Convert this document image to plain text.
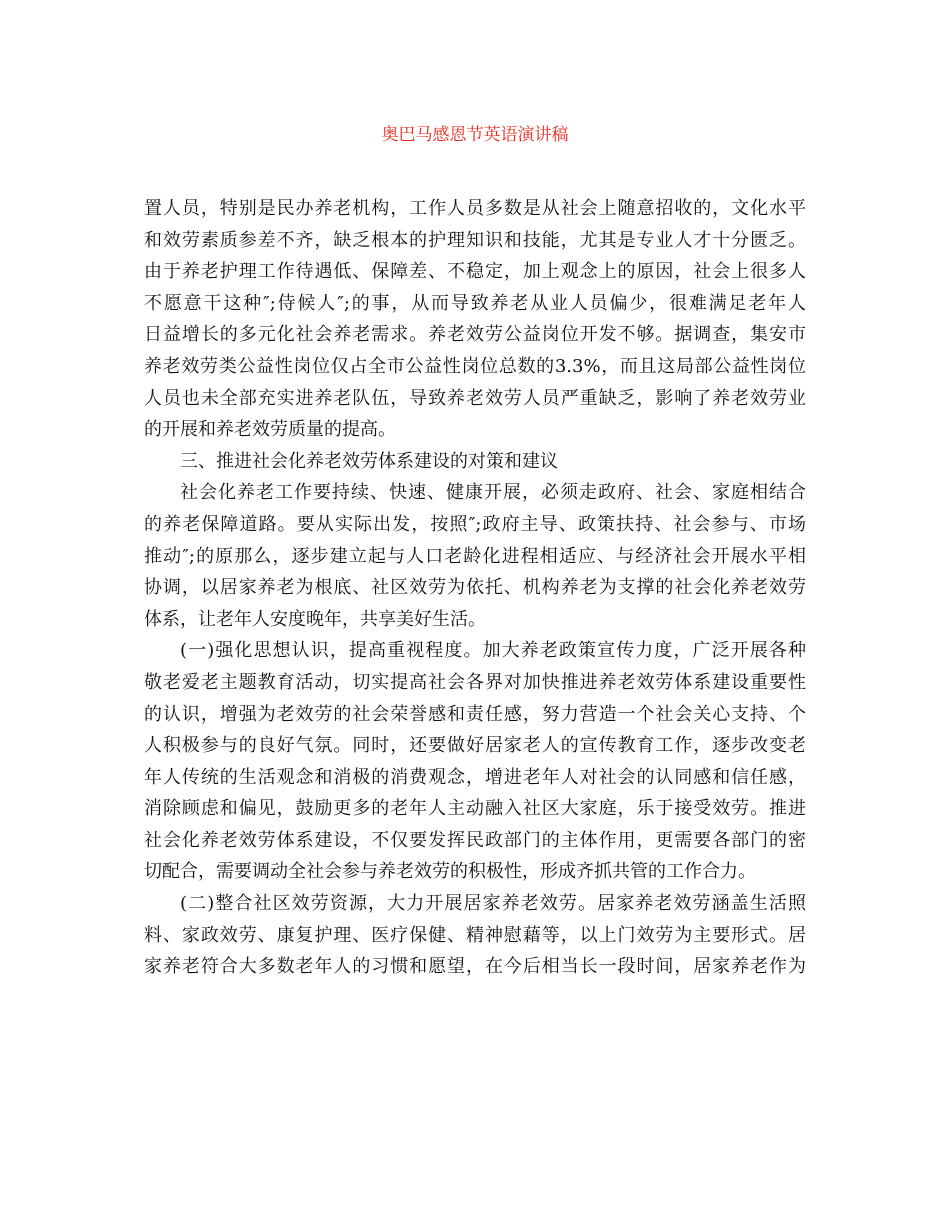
奥巴马感恩节英语演讲稿
置人员，特别是民办养老机构，工作人员多数是从社会上随意招收的，文化水平
和效劳素质参差不齐，缺乏根本的护理知识和技能，尤其是专业人才十分匮乏。
由于养老护理工作待遇低、保障差、不稳定，加上观念上的原因，社会上很多人
不愿意干这种″;侍候人″;的事，从而导致养老从业人员偏少，很难满足老年人
日益增长的多元化社会养老需求。养老效劳公益岗位开发不够。据调查，集安市
养老效劳类公益性岗位仅占全市公益性岗位总数的3.3%，而且这局部公益性岗位
人员也未全部充实进养老队伍，导致养老效劳人员严重缺乏，影响了养老效劳业
的开展和养老效劳质量的提高。
三、推进社会化养老效劳体系建设的对策和建议
社会化养老工作要持续、快速、健康开展，必须走政府、社会、家庭相结合
的养老保障道路。要从实际出发，按照″;政府主导、政策扶持、社会参与、市场
推动″;的原那么，逐步建立起与人口老龄化进程相适应、与经济社会开展水平相
协调，以居家养老为根底、社区效劳为依托、机构养老为支撑的社会化养老效劳
体系，让老年人安度晚年，共享美好生活。
(一)强化思想认识，提高重视程度。加大养老政策宣传力度，广泛开展各种
敬老爱老主题教育活动，切实提高社会各界对加快推进养老效劳体系建设重要性
的认识，增强为老效劳的社会荣誉感和责任感，努力营造一个社会关心支持、个
人积极参与的良好气氛。同时，还要做好居家老人的宣传教育工作，逐步改变老
年人传统的生活观念和消极的消费观念，增进老年人对社会的认同感和信任感，
消除顾虑和偏见，鼓励更多的老年人主动融入社区大家庭，乐于接受效劳。推进
社会化养老效劳体系建设，不仅要发挥民政部门的主体作用，更需要各部门的密
切配合，需要调动全社会参与养老效劳的积极性，形成齐抓共管的工作合力。
(二)整合社区效劳资源，大力开展居家养老效劳。居家养老效劳涵盖生活照
料、家政效劳、康复护理、医疗保健、精神慰藉等，以上门效劳为主要形式。居
家养老符合大多数老年人的习惯和愿望，在今后相当长一段时间，居家养老作为
